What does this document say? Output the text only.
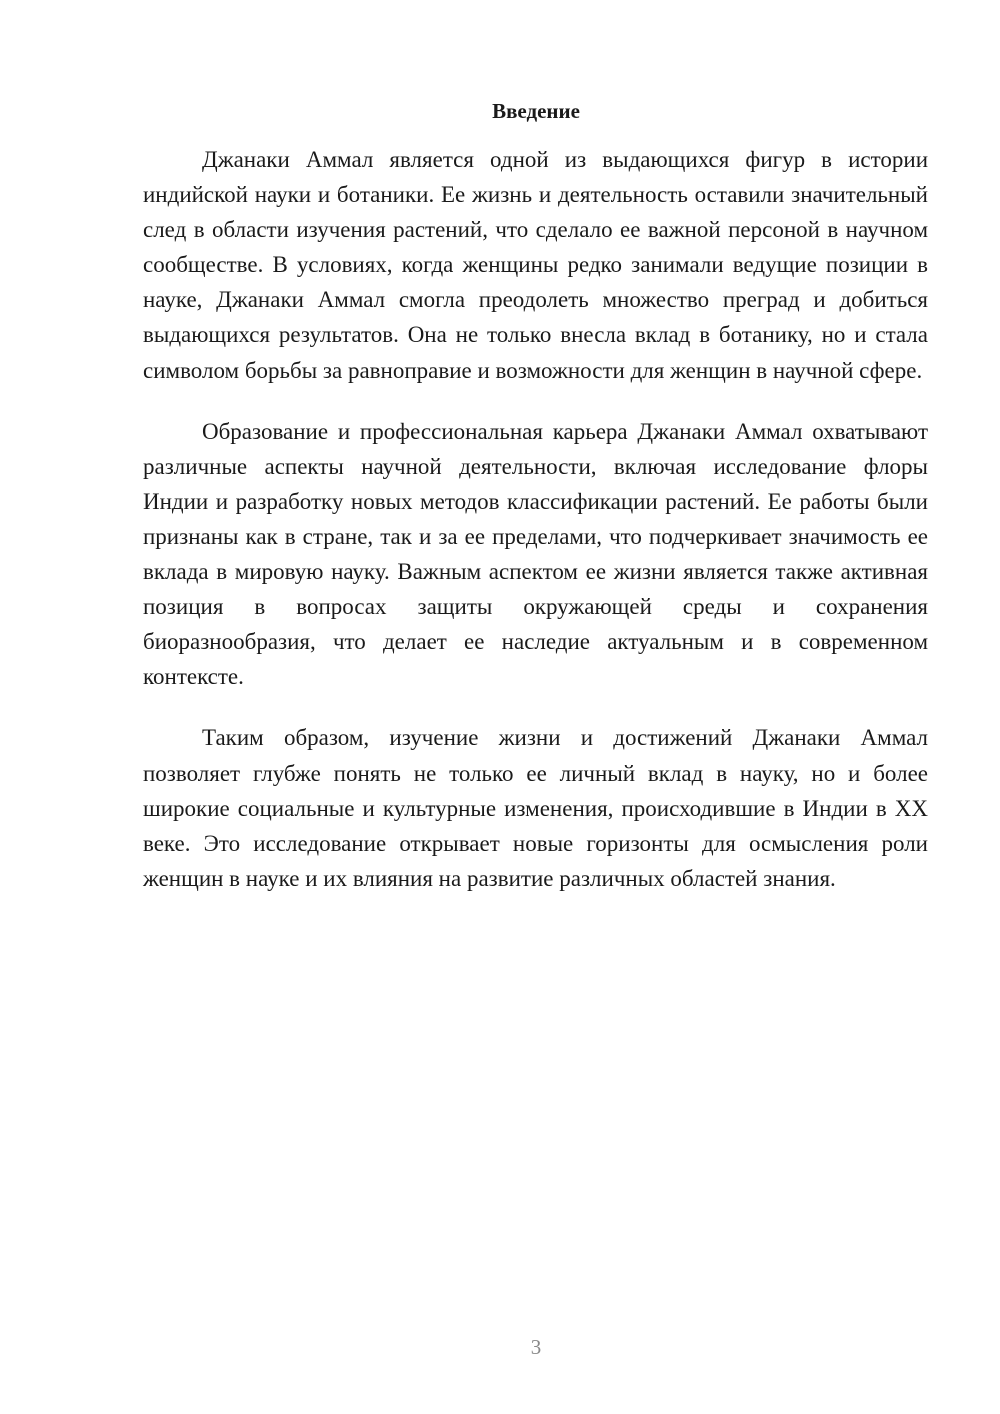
Введение

Джанаки Аммал является одной из выдающихся фигур в истории индийской науки и ботаники. Ее жизнь и деятельность оставили значительный след в области изучения растений, что сделало ее важной персоной в научном сообществе. В условиях, когда женщины редко занимали ведущие позиции в науке, Джанаки Аммал смогла преодолеть множество преград и добиться выдающихся результатов. Она не только внесла вклад в ботанику, но и стала символом борьбы за равноправие и возможности для женщин в научной сфере.

Образование и профессиональная карьера Джанаки Аммал охватывают различные аспекты научной деятельности, включая исследование флоры Индии и разработку новых методов классификации растений. Ее работы были признаны как в стране, так и за ее пределами, что подчеркивает значимость ее вклада в мировую науку. Важным аспектом ее жизни является также активная позиция в вопросах защиты окружающей среды и сохранения биоразнообразия, что делает ее наследие актуальным и в современном контексте.

Таким образом, изучение жизни и достижений Джанаки Аммал позволяет глубже понять не только ее личный вклад в науку, но и более широкие социальные и культурные изменения, происходившие в Индии в XX веке. Это исследование открывает новые горизонты для осмысления роли женщин в науке и их влияния на развитие различных областей знания.

3
